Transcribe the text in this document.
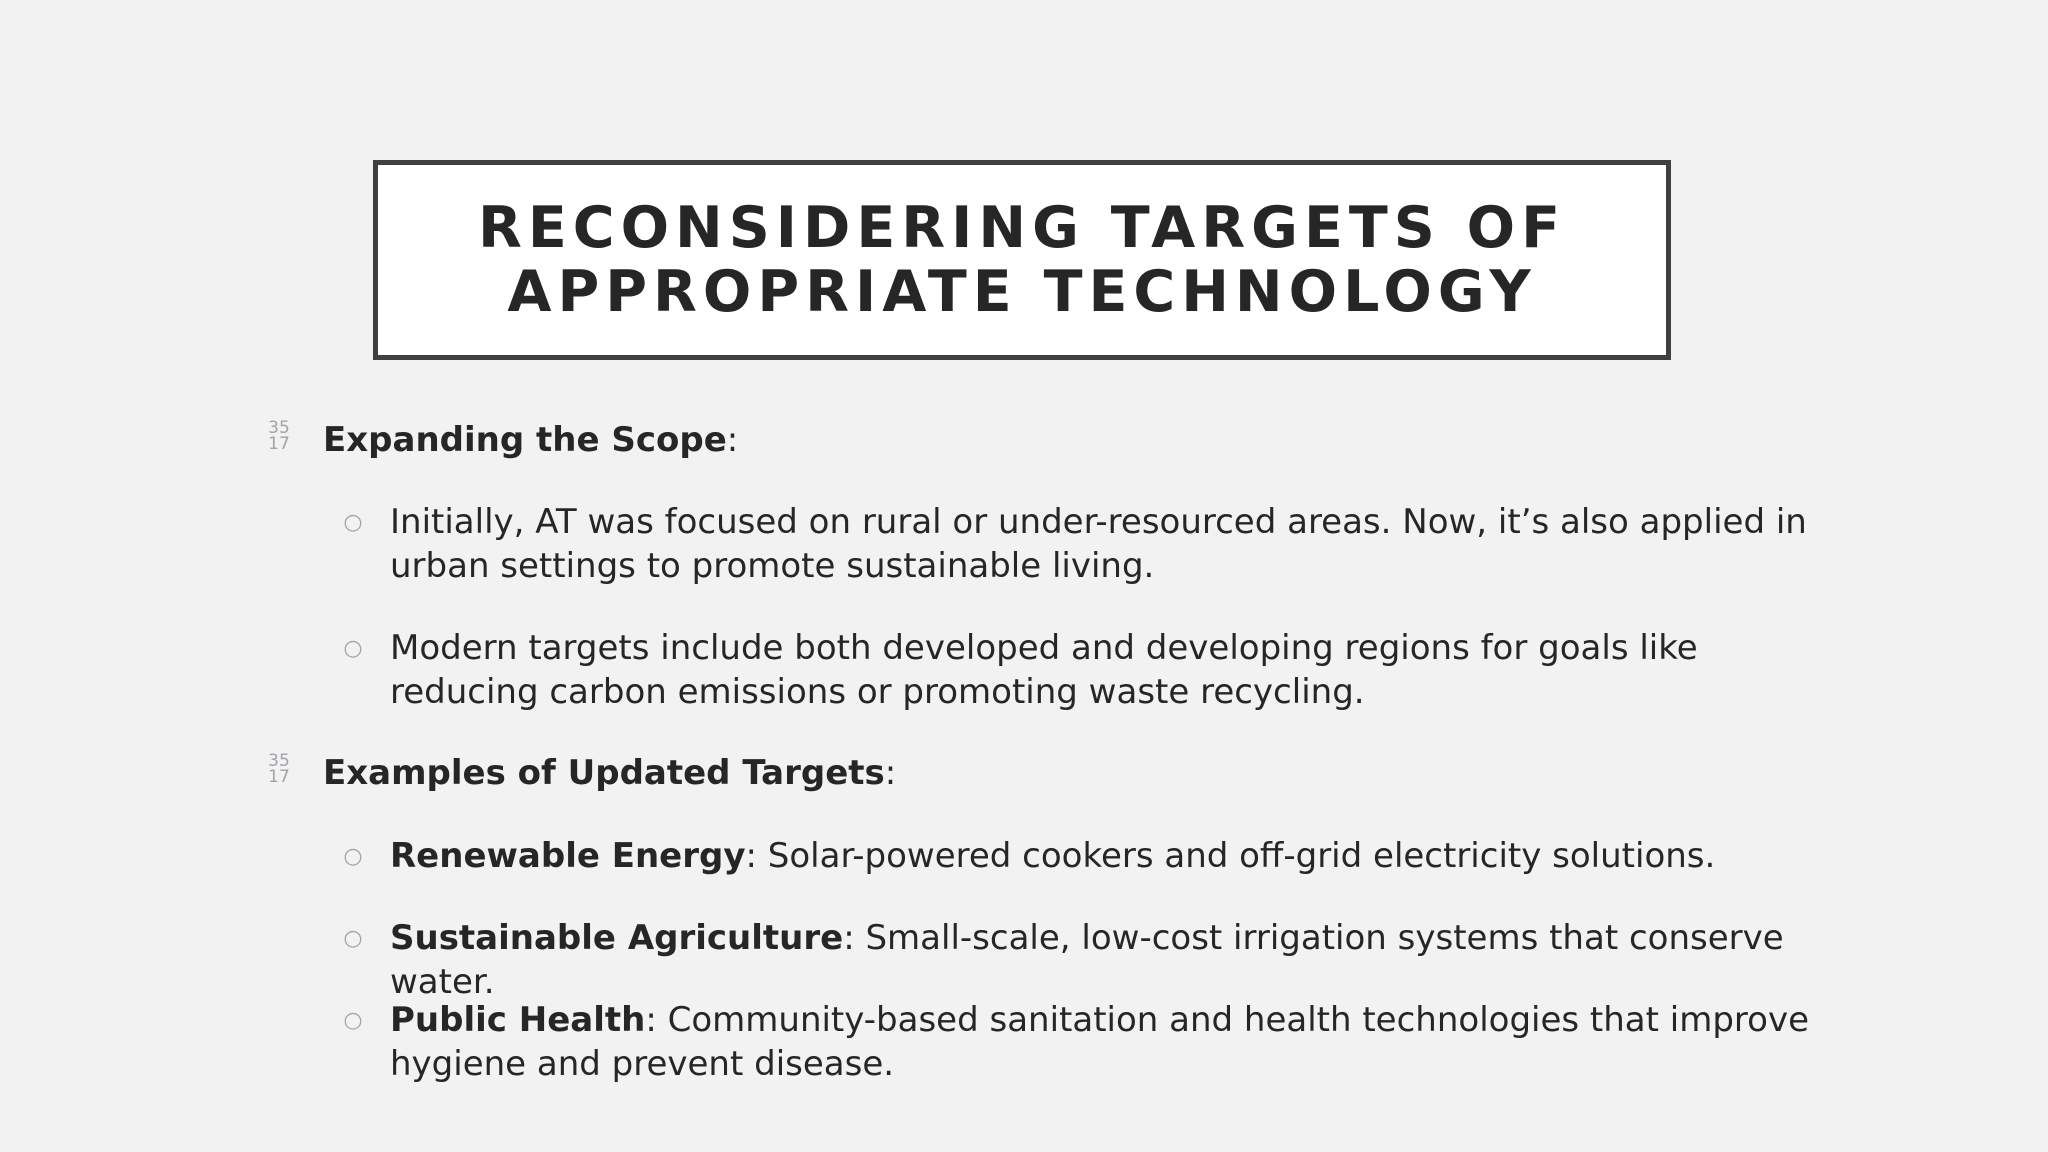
RECONSIDERING TARGETS OF
APPROPRIATE TECHNOLOGY
35
17 Expanding the Scope:
○ Initially, AT was focused on rural or under-resourced areas. Now, it’s also applied in urban settings to promote sustainable living.
○ Modern targets include both developed and developing regions for goals like reducing carbon emissions or promoting waste recycling.
35
17 Examples of Updated Targets:
○ Renewable Energy: Solar-powered cookers and off-grid electricity solutions.
○ Sustainable Agriculture: Small-scale, low-cost irrigation systems that conserve water.
○ Public Health: Community-based sanitation and health technologies that improve hygiene and prevent disease.
